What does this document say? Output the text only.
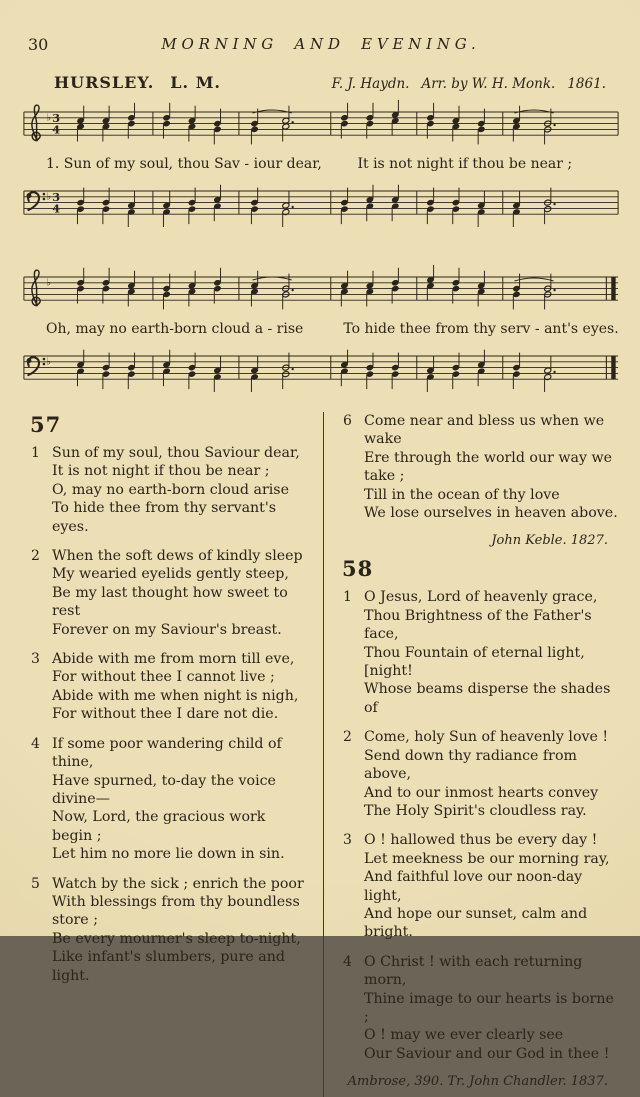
30	MORNING AND EVENING.
HURSLEY. L. M.	F. J. Haydn. Arr. by W. H. Monk. 1861.
♭ 3
4
1. Sun of my soul, thou Sav - iour dear,        It is not night if thou be near ;
♭ 3
4
♭
Oh, may no earth-born cloud a - rise         To hide thee from thy serv - ant's eyes.
♭
57
1 Sun of my soul, thou Saviour dear,
It is not night if thou be near ;
O, may no earth-born cloud arise
To hide thee from thy servant's eyes.
2 When the soft dews of kindly sleep
My wearied eyelids gently steep,
Be my last thought how sweet to rest
Forever on my Saviour's breast.
3 Abide with me from morn till eve,
For without thee I cannot live ;
Abide with me when night is nigh,
For without thee I dare not die.
4 If some poor wandering child of thine,
Have spurned, to-day the voice divine—
Now, Lord, the gracious work begin ;
Let him no more lie down in sin.
5 Watch by the sick ; enrich the poor
With blessings from thy boundless store ;
Be every mourner's sleep to-night,
Like infant's slumbers, pure and light.
6 Come near and bless us when we wake
Ere through the world our way we take ;
Till in the ocean of thy love
We lose ourselves in heaven above.
John Keble. 1827.
58
1 O Jesus, Lord of heavenly grace,
Thou Brightness of the Father's face,
Thou Fountain of eternal light, [night!
Whose beams disperse the shades of
2 Come, holy Sun of heavenly love !
Send down thy radiance from above,
And to our inmost hearts convey
The Holy Spirit's cloudless ray.
3 O ! hallowed thus be every day !
Let meekness be our morning ray,
And faithful love our noon-day light,
And hope our sunset, calm and bright.
4 O Christ ! with each returning morn,
Thine image to our hearts is borne ;
O ! may we ever clearly see
Our Saviour and our God in thee !
Ambrose, 390. Tr. John Chandler. 1837.
